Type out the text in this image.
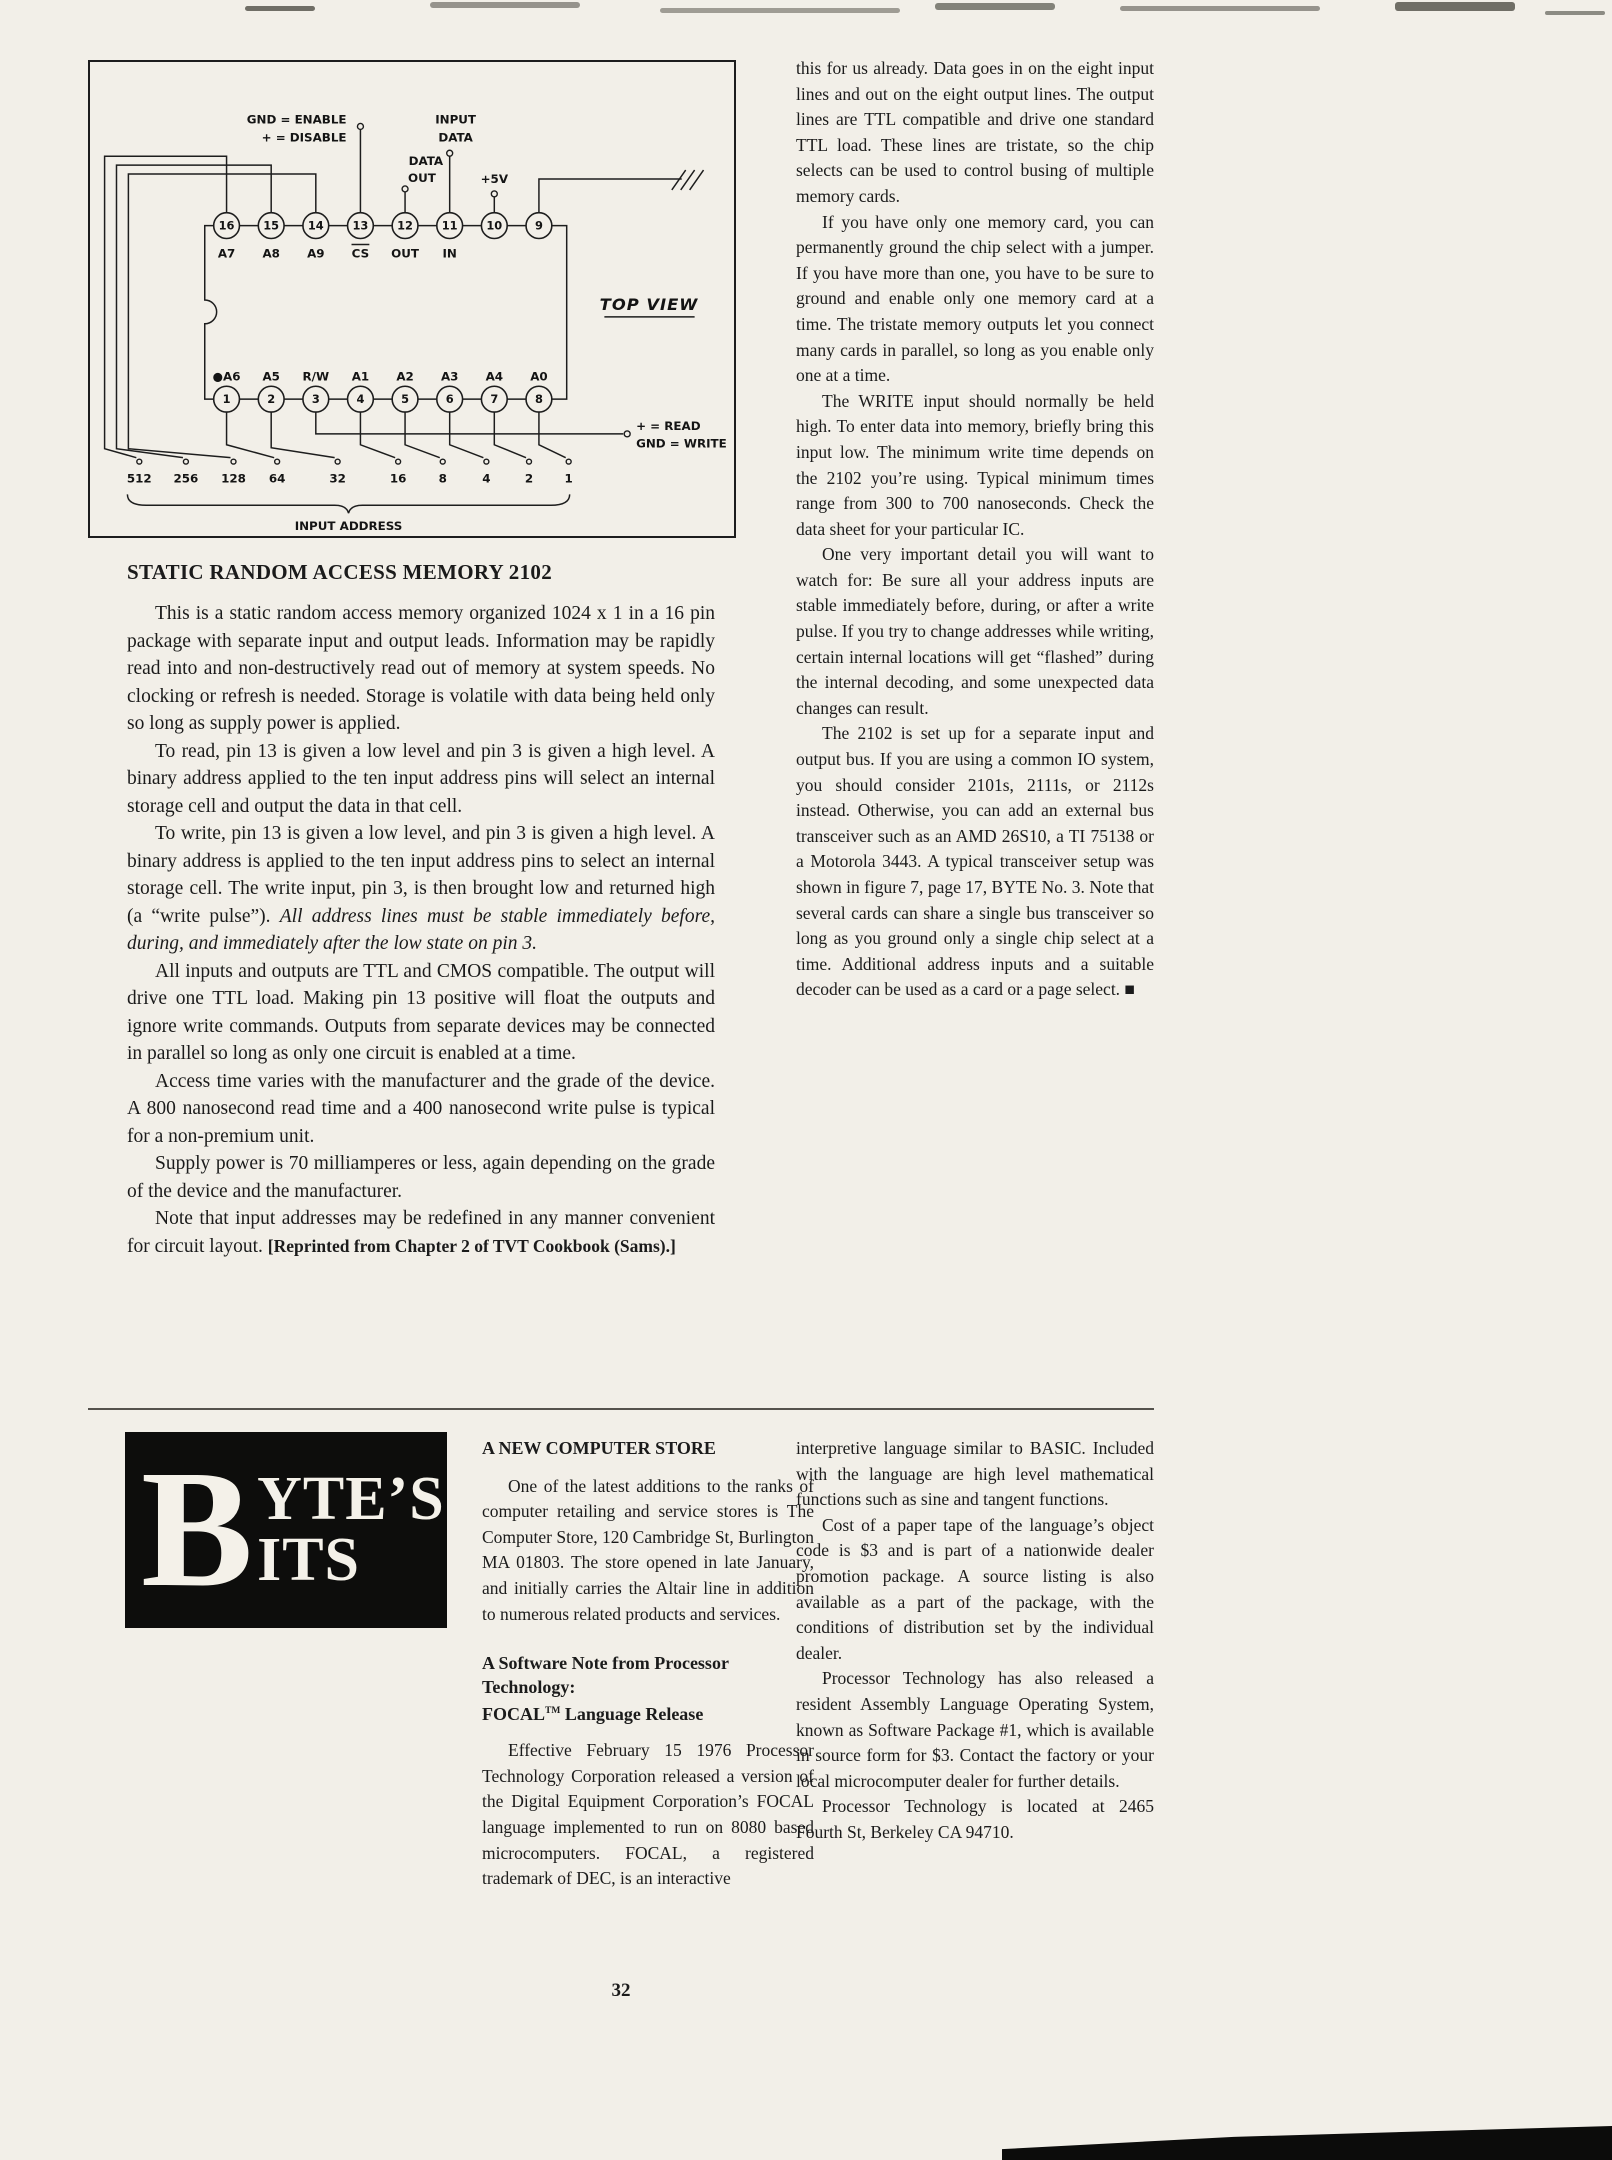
16	15	14	13	12	11	10	9
1	2	3	4	5	6	7	8
A7 A8 A9 CS OUT IN
●A6 A5 R/W A1 A2 A3 A4 A0
GND = ENABLE
+ = DISABLE
INPUT
DATA
DATA
OUT	+5V
TOP VIEW
+ = READ
GND = WRITE
INPUT ADDRESS
512 256 128 64	32	16	8	4	2	1
STATIC RANDOM ACCESS MEMORY 2102

This is a static random access memory organized 1024 x 1 in a 16 pin package with separate input and output leads. Information may be rapidly read into and non-destructively read out of memory at system speeds. No clocking or refresh is needed. Storage is volatile with data being held only so long as supply power is applied.

To read, pin 13 is given a low level and pin 3 is given a high level. A binary address applied to the ten input address pins will select an internal storage cell and output the data in that cell.

To write, pin 13 is given a low level, and pin 3 is given a high level. A binary address is applied to the ten input address pins to select an internal storage cell. The write input, pin 3, is then brought low and returned high (a “write pulse”). All address lines must be stable immediately before, during, and immediately after the low state on pin 3.

All inputs and outputs are TTL and CMOS compatible. The output will drive one TTL load. Making pin 13 positive will float the outputs and ignore write commands. Outputs from separate devices may be connected in parallel so long as only one circuit is enabled at a time.

Access time varies with the manufacturer and the grade of the device. A 800 nanosecond read time and a 400 nanosecond write pulse is typical for a non-premium unit.

Supply power is 70 milliamperes or less, again depending on the grade of the device and the manufacturer.

Note that input addresses may be redefined in any manner convenient for circuit layout. [Reprinted from Chapter 2 of TVT Cookbook (Sams).]

this for us already. Data goes in on the eight input lines and out on the eight output lines. The output lines are TTL compatible and drive one standard TTL load. These lines are tristate, so the chip selects can be used to control busing of multiple memory cards.

If you have only one memory card, you can permanently ground the chip select with a jumper. If you have more than one, you have to be sure to ground and enable only one memory card at a time. The tristate memory outputs let you connect many cards in parallel, so long as you enable only one at a time.

The WRITE input should normally be held high. To enter data into memory, briefly bring this input low. The minimum write time depends on the 2102 you’re using. Typical minimum times range from 300 to 700 nanoseconds. Check the data sheet for your particular IC.

One very important detail you will want to watch for: Be sure all your address inputs are stable immediately before, during, or after a write pulse. If you try to change addresses while writing, certain internal locations will get “flashed” during the internal decoding, and some unexpected data changes can result.

The 2102 is set up for a separate input and output bus. If you are using a common IO system, you should consider 2101s, 2111s, or 2112s instead. Otherwise, you can add an external bus transceiver such as an AMD 26S10, a TI 75138 or a Motorola 3443. A typical transceiver setup was shown in figure 7, page 17, BYTE No. 3. Note that several cards can share a single bus transceiver so long as you ground only a single chip select at a time. Additional address inputs and a suitable decoder can be used as a card or a page select. ■

B YTE’S
ITS
A NEW COMPUTER STORE

One of the latest additions to the ranks of computer retailing and service stores is The Computer Store, 120 Cambridge St, Burlington MA 01803. The store opened in late January, and initially carries the Altair line in addition to numerous related products and services.

A Software Note from Processor Technology:
FOCAL™ Language Release

Effective February 15 1976 Processor Technology Corporation released a version of the Digital Equipment Corporation’s FOCAL language implemented to run on 8080 based microcomputers. FOCAL, a registered trademark of DEC, is an interactive

interpretive language similar to BASIC. Included with the language are high level mathematical functions such as sine and tangent functions.

Cost of a paper tape of the language’s object code is $3 and is part of a nationwide dealer promotion package. A source listing is also available as a part of the package, with the conditions of distribution set by the individual dealer.

Processor Technology has also released a resident Assembly Language Operating System, known as Software Package #1, which is available in source form for $3. Contact the factory or your local microcomputer dealer for further details.

Processor Technology is located at 2465 Fourth St, Berkeley CA 94710.

32
